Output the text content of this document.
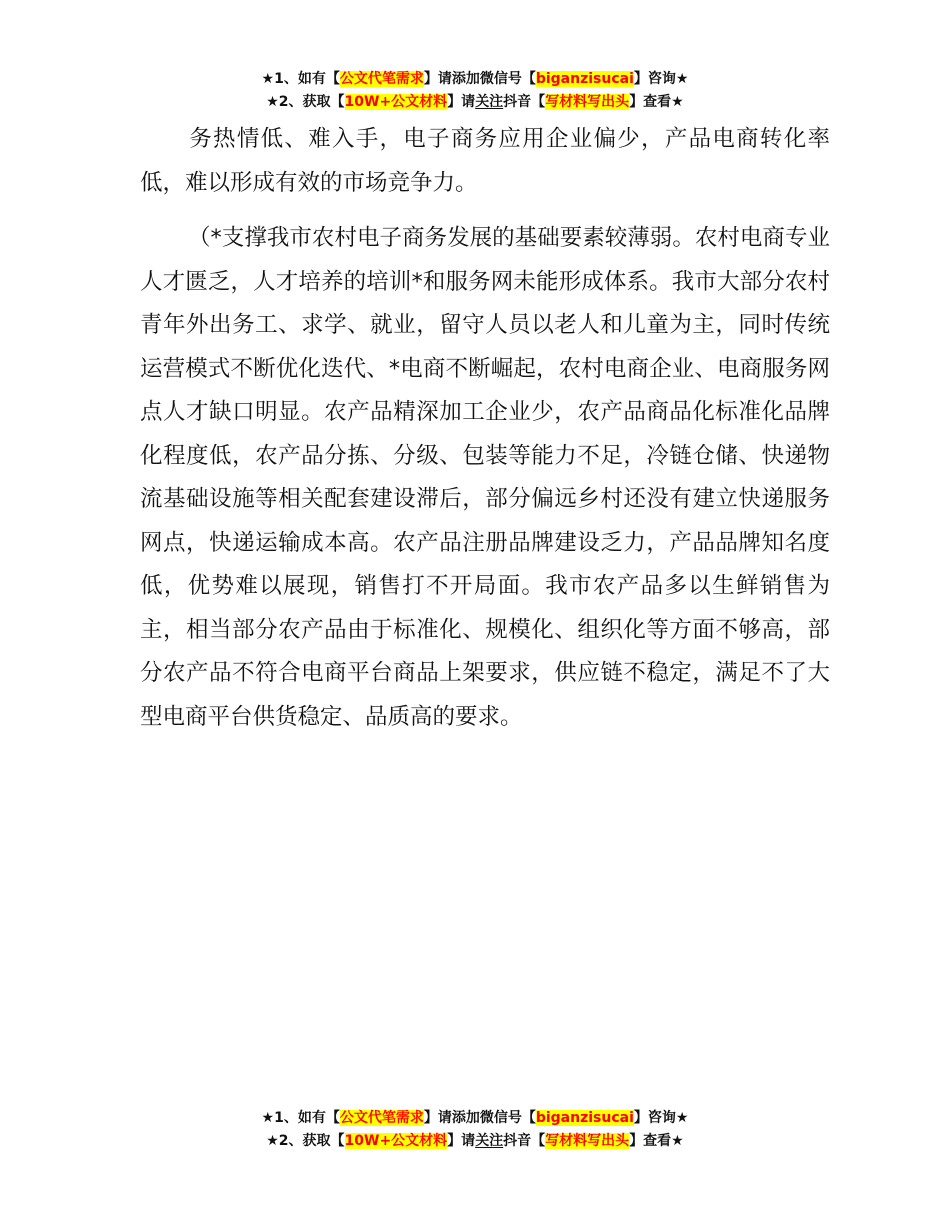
★1、如有【公文代笔需求】请添加微信号【biganzisucai】咨询★
★2、获取【10W+公文材料】请关注抖音【写材料写出头】查看★

务热情低、难入手，电子商务应用企业偏少，产品电商转化率低，难以形成有效的市场竞争力。

（*支撑我市农村电子商务发展的基础要素较薄弱。农村电商专业人才匮乏，人才培养的培训*和服务网未能形成体系。我市大部分农村青年外出务工、求学、就业，留守人员以老人和儿童为主，同时传统运营模式不断优化迭代、*电商不断崛起，农村电商企业、电商服务网点人才缺口明显。农产品精深加工企业少，农产品商品化标准化品牌化程度低，农产品分拣、分级、包装等能力不足，冷链仓储、快递物流基础设施等相关配套建设滞后，部分偏远乡村还没有建立快递服务网点，快递运输成本高。农产品注册品牌建设乏力，产品品牌知名度低，优势难以展现，销售打不开局面。我市农产品多以生鲜销售为主，相当部分农产品由于标准化、规模化、组织化等方面不够高，部分农产品不符合电商平台商品上架要求，供应链不稳定，满足不了大型电商平台供货稳定、品质高的要求。

★1、如有【公文代笔需求】请添加微信号【biganzisucai】咨询★
★2、获取【10W+公文材料】请关注抖音【写材料写出头】查看★
